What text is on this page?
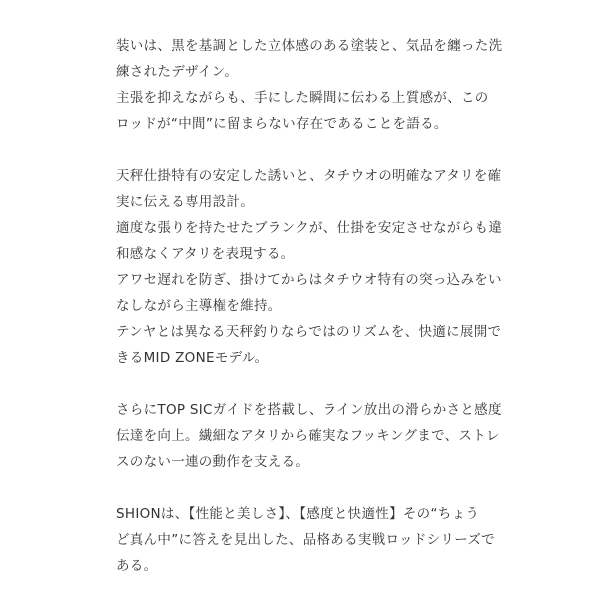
装いは、黒を基調とした立体感のある塗装と、気品を纏った洗
練されたデザイン。
主張を抑えながらも、手にした瞬間に伝わる上質感が、この
ロッドが“中間”に留まらない存在であることを語る。
天秤仕掛特有の安定した誘いと、タチウオの明確なアタリを確
実に伝える専用設計。
適度な張りを持たせたブランクが、仕掛を安定させながらも違
和感なくアタリを表現する。
アワセ遅れを防ぎ、掛けてからはタチウオ特有の突っ込みをい
なしながら主導権を維持。
テンヤとは異なる天秤釣りならではのリズムを、快適に展開で
きるMID ZONEモデル。
さらにTOP SICガイドを搭載し、ライン放出の滑らかさと感度
伝達を向上。繊細なアタリから確実なフッキングまで、ストレ
スのない一連の動作を支える。
SHIONは、【性能と美しさ】、【感度と快適性】その“ちょう
ど真ん中”に答えを見出した、品格ある実戦ロッドシリーズで
ある。
